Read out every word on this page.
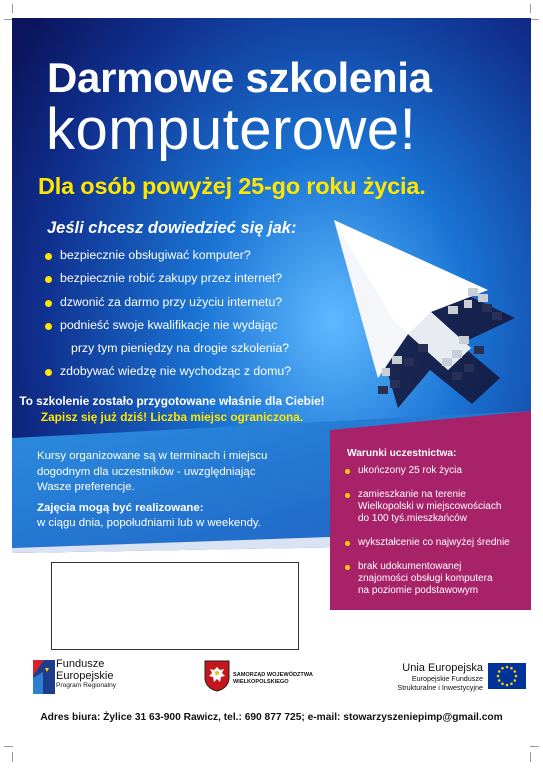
Darmowe szkolenia
komputerowe!
Dla osób powyżej 25-go roku życia.
Jeśli chcesz dowiedzieć się jak:
bezpiecznie obsługiwać komputer?
bezpiecznie robić zakupy przez internet?
dzwonić za darmo przy użyciu internetu?
podnieść swoje kwalifikacje nie wydając
przy tym pieniędzy na drogie szkolenia?
zdobywać wiedzę nie wychodząc z domu?
To szkolenie zostało przygotowane właśnie dla Ciebie!
Zapisz się już dziś! Liczba miejsc ograniczona.
Kursy organizowane są w terminach i miejscu
dogodnym dla uczestników - uwzględniając
Wasze preferencje.
Zajęcia mogą być realizowane:
w ciągu dnia, popołudniami lub w weekendy.
Warunki uczestnictwa:
ukończony 25 rok życia
zamieszkanie na terenie
Wielkopolski w miejscowościach
do 100 tyś.mieszkańców
wykształcenie co najwyżej średnie
brak udokumentowanej
znajomości obsługi komputera
na poziomie podstawowym
Fundusze
Europejskie
Program Regionalny
SAMORZĄD WOJEWÓDZTWA
WIELKOPOLSKIEGO
Unia Europejska
Europejskie Fundusze
Strukturalne i Inwestycyjne
Adres biura: Żylice 31 63-900 Rawicz, tel.: 690 877 725; e-mail: stowarzyszeniepimp@gmail.com
